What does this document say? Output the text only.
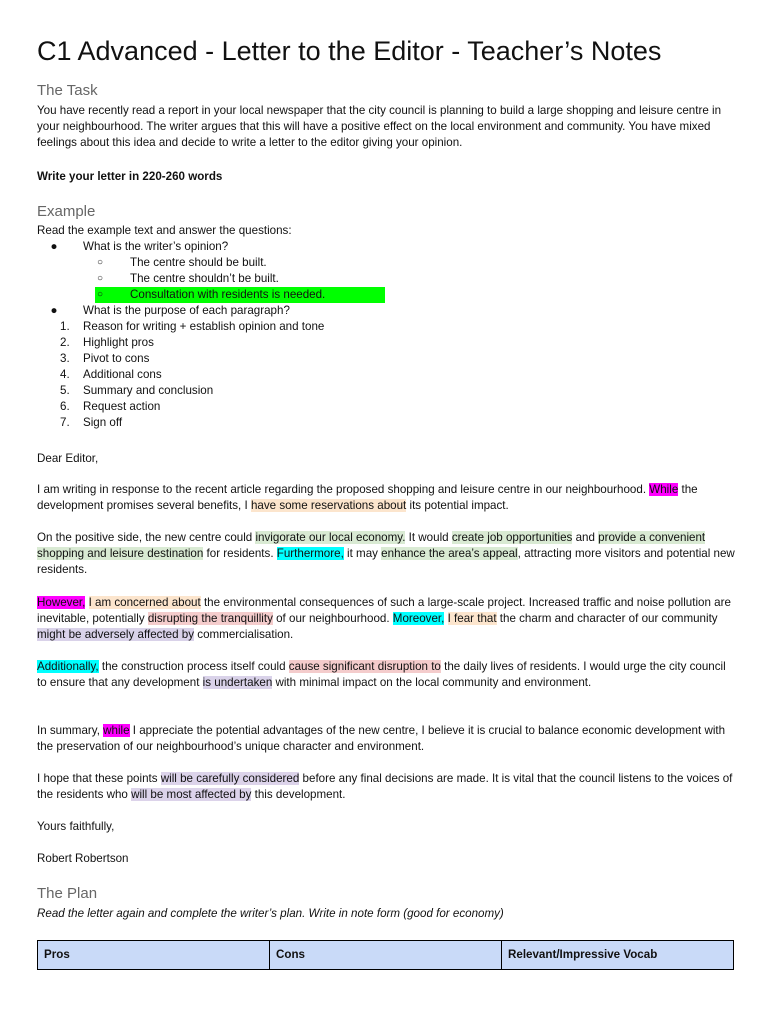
C1 Advanced - Letter to the Editor - Teacher’s Notes
The Task

You have recently read a report in your local newspaper that the city council is planning to build a large shopping and leisure centre in your neighbourhood. The writer argues that this will have a positive effect on the local environment and community. You have mixed feelings about this idea and decide to write a letter to the editor giving your opinion.

Write your letter in 220-260 words

Example

Read the example text and answer the questions:

●	What is the writer’s opinion?
○	The centre should be built.
○	The centre shouldn’t be built.
○	Consultation with residents is needed.
●	What is the purpose of each paragraph?
1.	Reason for writing + establish opinion and tone
2.	Highlight pros
3.	Pivot to cons
4.	Additional cons
5.	Summary and conclusion
6.	Request action
7.	Sign off

Dear Editor,

I am writing in response to the recent article regarding the proposed shopping and leisure centre in our neighbourhood. While the development promises several benefits, I have some reservations about its potential impact.

On the positive side, the new centre could invigorate our local economy. It would create job opportunities and provide a convenient shopping and leisure destination for residents. Furthermore, it may enhance the area’s appeal, attracting more visitors and potential new residents.

However, I am concerned about the environmental consequences of such a large-scale project. Increased traffic and noise pollution are inevitable, potentially disrupting the tranquillity of our neighbourhood. Moreover, I fear that the charm and character of our community might be adversely affected by commercialisation.

Additionally, the construction process itself could cause significant disruption to the daily lives of residents. I would urge the city council to ensure that any development is undertaken with minimal impact on the local community and environment.

In summary, while I appreciate the potential advantages of the new centre, I believe it is crucial to balance economic development with the preservation of our neighbourhood’s unique character and environment.

I hope that these points will be carefully considered before any final decisions are made. It is vital that the council listens to the voices of the residents who will be most affected by this development.

Yours faithfully,

Robert Robertson

The Plan

Read the letter again and complete the writer’s plan. Write in note form (good for economy)

Pros	Cons	Relevant/Impressive Vocab
